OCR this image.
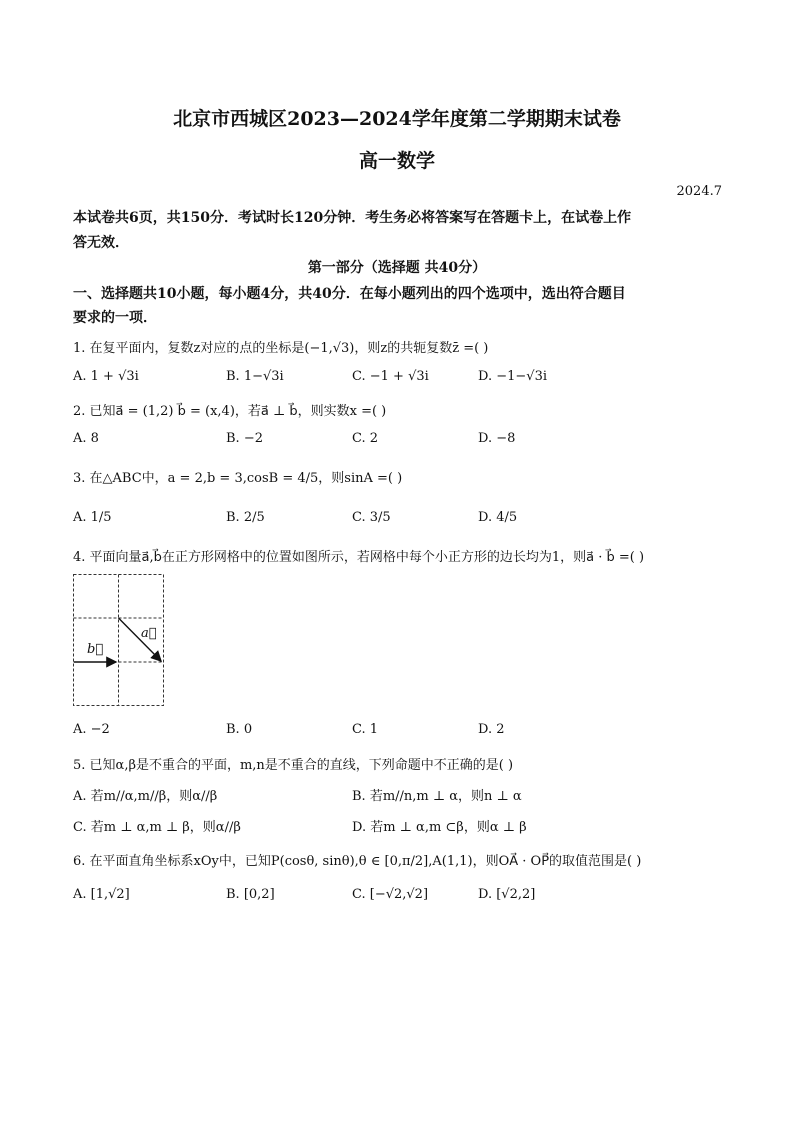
北京市西城区2023—2024学年度第二学期期末试卷
高一数学
2024.7
本试卷共6页，共150分．考试时长120分钟．考生务必将答案写在答题卡上，在试卷上作
答无效．
第一部分（选择题 共40分）
一、选择题共10小题，每小题4分，共40分．在每小题列出的四个选项中，选出符合题目
要求的一项．
1. 在复平面内，复数z对应的点的坐标是(−1,√3)，则z的共轭复数z̄ =( )
A. 1 + √3i	B. 1−√3i	C. −1 + √3i	D. −1−√3i
2. 已知a⃗ = (1,2) b⃗ = (x,4)，若a⃗ ⊥ b⃗，则实数x =( )
A. 8	B. −2	C. 2	D. −8
3. 在△ABC中，a = 2,b = 3,cosB = 4/5，则sinA =( )
A. 1/5	B. 2/5	C. 3/5	D. 4/5
4. 平面向量a⃗,b⃗在正方形网格中的位置如图所示，若网格中每个小正方形的边长均为1，则a⃗ · b⃗ =( )
a⃗
b⃗
A. −2	B. 0	C. 1	D. 2
5. 已知α,β是不重合的平面，m,n是不重合的直线，下列命题中不正确的是( )
A. 若m//α,m//β，则α//β	B. 若m//n,m ⊥ α，则n ⊥ α
C. 若m ⊥ α,m ⊥ β，则α//β	D. 若m ⊥ α,m ⊂β，则α ⊥ β
6. 在平面直角坐标系xOy中，已知P(cosθ, sinθ),θ ∈ [0,π/2],A(1,1)，则OA⃗ · OP⃗的取值范围是( )
A. [1,√2]	B. [0,2]	C. [−√2,√2]	D. [√2,2]
